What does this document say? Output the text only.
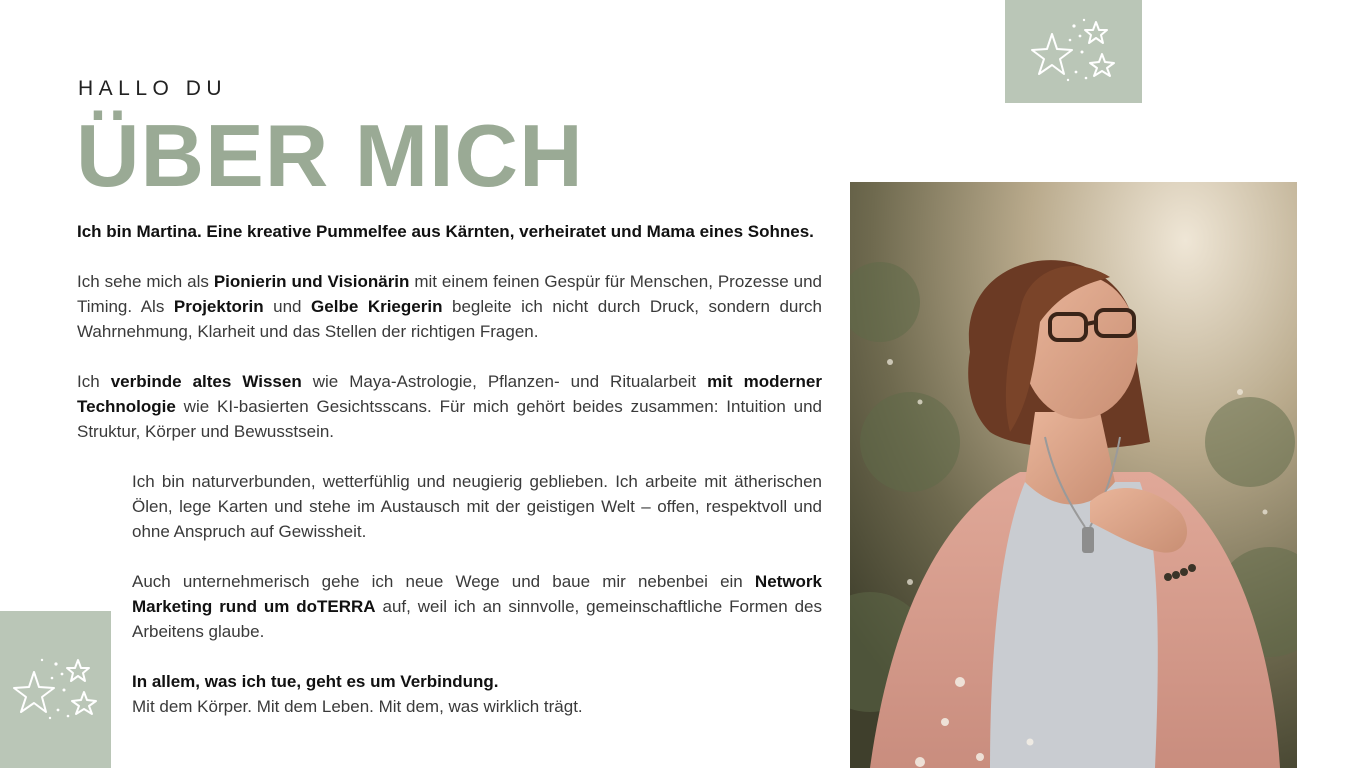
HALLO DU
ÜBER MICH

Ich bin Martina. Eine kreative Pummelfee aus Kärnten, verheiratet und Mama eines Sohnes.

Ich sehe mich als Pionierin und Visionärin mit einem feinen Gespür für Menschen, Prozesse und Timing. Als Projektorin und Gelbe Kriegerin begleite ich nicht durch Druck, sondern durch Wahrnehmung, Klarheit und das Stellen der richtigen Fragen.

Ich verbinde altes Wissen wie Maya-Astrologie, Pflanzen- und Ritualarbeit mit moderner Technologie wie KI-basierten Gesichtsscans. Für mich gehört beides zusammen: Intuition und Struktur, Körper und Bewusstsein.

Ich bin naturverbunden, wetterfühlig und neugierig geblieben. Ich arbeite mit ätherischen Ölen, lege Karten und stehe im Austausch mit der geistigen Welt – offen, respektvoll und ohne Anspruch auf Gewissheit.

Auch unternehmerisch gehe ich neue Wege und baue mir nebenbei ein Network Marketing rund um doTERRA auf, weil ich an sinnvolle, gemeinschaftliche Formen des Arbeitens glaube.

In allem, was ich tue, geht es um Verbindung.
Mit dem Körper. Mit dem Leben. Mit dem, was wirklich trägt.
